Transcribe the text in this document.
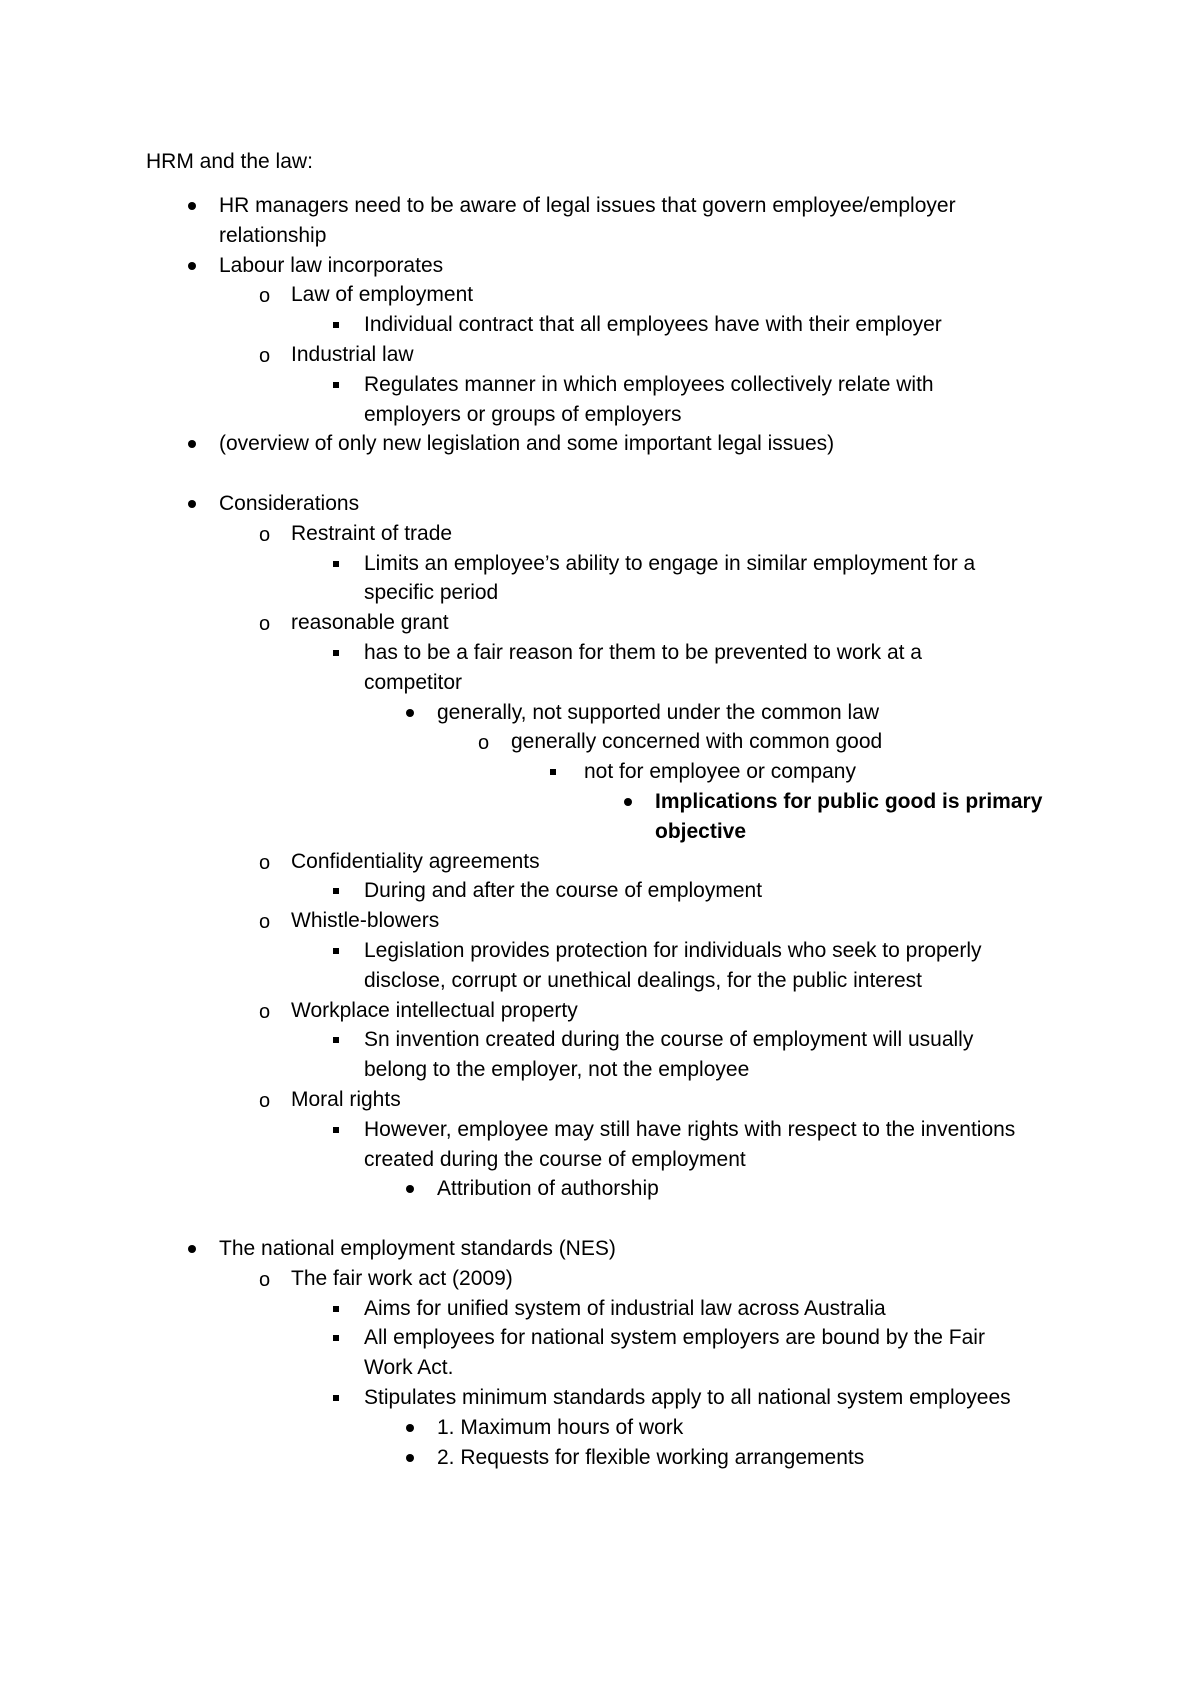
HRM and the law:
HR managers need to be aware of legal issues that govern employee/employer
relationship
Labour law incorporates
o Law of employment
Individual contract that all employees have with their employer
o Industrial law
Regulates manner in which employees collectively relate with
employers or groups of employers
(overview of only new legislation and some important legal issues)
Considerations
o Restraint of trade
Limits an employee’s ability to engage in similar employment for a
specific period
o reasonable grant
has to be a fair reason for them to be prevented to work at a
competitor
generally, not supported under the common law
o generally concerned with common good
not for employee or company
Implications for public good is primary
objective
o Confidentiality agreements
During and after the course of employment
o Whistle-blowers
Legislation provides protection for individuals who seek to properly
disclose, corrupt or unethical dealings, for the public interest
o Workplace intellectual property
Sn invention created during the course of employment will usually
belong to the employer, not the employee
o Moral rights
However, employee may still have rights with respect to the inventions
created during the course of employment
Attribution of authorship
The national employment standards (NES)
o The fair work act (2009)
Aims for unified system of industrial law across Australia
All employees for national system employers are bound by the Fair
Work Act.
Stipulates minimum standards apply to all national system employees
1. Maximum hours of work
2. Requests for flexible working arrangements
